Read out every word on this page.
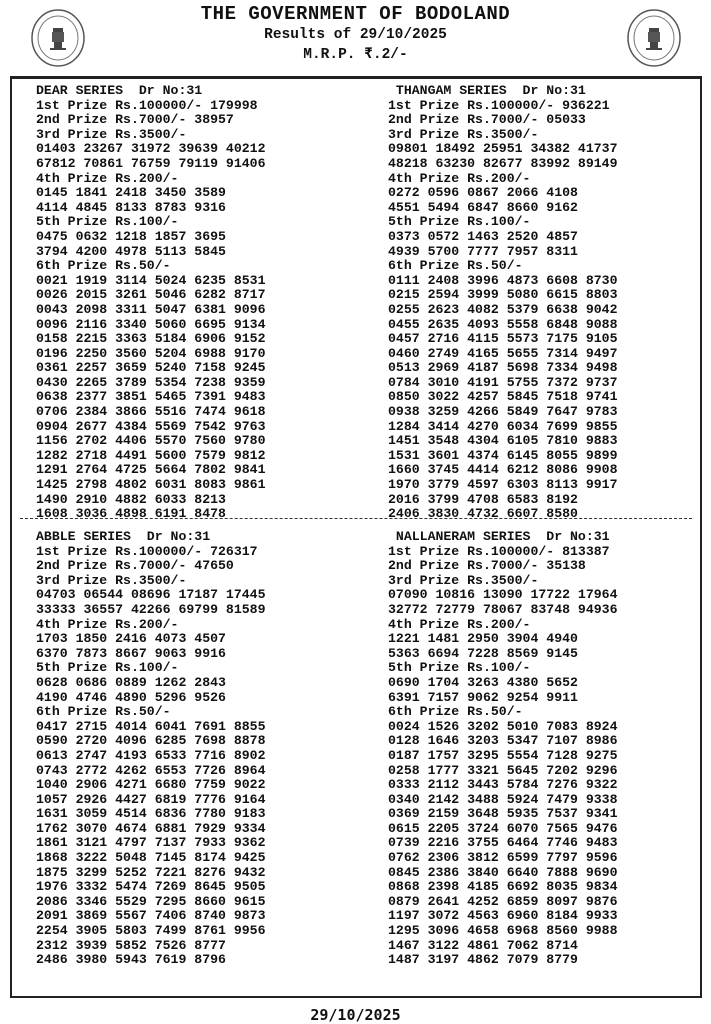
THE GOVERNMENT OF BODOLAND
Results of 29/10/2025
M.R.P. ₹.2/-
DEAR SERIES  Dr No:31
1st Prize Rs.100000/- 179998
2nd Prize Rs.7000/- 38957
3rd Prize Rs.3500/-
01403 23267 31972 39639 40212
67812 70861 76759 79119 91406
4th Prize Rs.200/-
0145 1841 2418 3450 3589
4114 4845 8133 8783 9316
5th Prize Rs.100/-
0475 0632 1218 1857 3695
3794 4200 4978 5113 5845
6th Prize Rs.50/-
0021 1919 3114 5024 6235 8531
0026 2015 3261 5046 6282 8717
0043 2098 3311 5047 6381 9096
0096 2116 3340 5060 6695 9134
0158 2215 3363 5184 6906 9152
0196 2250 3560 5204 6988 9170
0361 2257 3659 5240 7158 9245
0430 2265 3789 5354 7238 9359
0638 2377 3851 5465 7391 9483
0706 2384 3866 5516 7474 9618
0904 2677 4384 5569 7542 9763
1156 2702 4406 5570 7560 9780
1282 2718 4491 5600 7579 9812
1291 2764 4725 5664 7802 9841
1425 2798 4802 6031 8083 9861
1490 2910 4882 6033 8213
1608 3036 4898 6191 8478
THANGAM SERIES  Dr No:31
1st Prize Rs.100000/- 936221
2nd Prize Rs.7000/- 05033
3rd Prize Rs.3500/-
09801 18492 25951 34382 41737
48218 63230 82677 83992 89149
4th Prize Rs.200/-
0272 0596 0867 2066 4108
4551 5494 6847 8660 9162
5th Prize Rs.100/-
0373 0572 1463 2520 4857
4939 5700 7777 7957 8311
6th Prize Rs.50/-
0111 2408 3996 4873 6608 8730
0215 2594 3999 5080 6615 8803
0255 2623 4082 5379 6638 9042
0455 2635 4093 5558 6848 9088
0457 2716 4115 5573 7175 9105
0460 2749 4165 5655 7314 9497
0513 2969 4187 5698 7334 9498
0784 3010 4191 5755 7372 9737
0850 3022 4257 5845 7518 9741
0938 3259 4266 5849 7647 9783
1284 3414 4270 6034 7699 9855
1451 3548 4304 6105 7810 9883
1531 3601 4374 6145 8055 9899
1660 3745 4414 6212 8086 9908
1970 3779 4597 6303 8113 9917
2016 3799 4708 6583 8192
2406 3830 4732 6607 8580
ABBLE SERIES  Dr No:31
1st Prize Rs.100000/- 726317
2nd Prize Rs.7000/- 47650
3rd Prize Rs.3500/-
04703 06544 08696 17187 17445
33333 36557 42266 69799 81589
4th Prize Rs.200/-
1703 1850 2416 4073 4507
6370 7873 8667 9063 9916
5th Prize Rs.100/-
0628 0686 0889 1262 2843
4190 4746 4890 5296 9526
6th Prize Rs.50/-
0417 2715 4014 6041 7691 8855
0590 2720 4096 6285 7698 8878
0613 2747 4193 6533 7716 8902
0743 2772 4262 6553 7726 8964
1040 2906 4271 6680 7759 9022
1057 2926 4427 6819 7776 9164
1631 3059 4514 6836 7780 9183
1762 3070 4674 6881 7929 9334
1861 3121 4797 7137 7933 9362
1868 3222 5048 7145 8174 9425
1875 3299 5252 7221 8276 9432
1976 3332 5474 7269 8645 9505
2086 3346 5529 7295 8660 9615
2091 3869 5567 7406 8740 9873
2254 3905 5803 7499 8761 9956
2312 3939 5852 7526 8777
2486 3980 5943 7619 8796
NALLANERAM SERIES  Dr No:31
1st Prize Rs.100000/- 813387
2nd Prize Rs.7000/- 35138
3rd Prize Rs.3500/-
07090 10816 13090 17722 17964
32772 72779 78067 83748 94936
4th Prize Rs.200/-
1221 1481 2950 3904 4940
5363 6694 7228 8569 9145
5th Prize Rs.100/-
0690 1704 3263 4380 5652
6391 7157 9062 9254 9911
6th Prize Rs.50/-
0024 1526 3202 5010 7083 8924
0128 1646 3203 5347 7107 8986
0187 1757 3295 5554 7128 9275
0258 1777 3321 5645 7202 9296
0333 2112 3443 5784 7276 9322
0340 2142 3488 5924 7479 9338
0369 2159 3648 5935 7537 9341
0615 2205 3724 6070 7565 9476
0739 2216 3755 6464 7746 9483
0762 2306 3812 6599 7797 9596
0845 2386 3840 6640 7888 9690
0868 2398 4185 6692 8035 9834
0879 2641 4252 6859 8097 9876
1197 3072 4563 6960 8184 9933
1295 3096 4658 6968 8560 9988
1467 3122 4861 7062 8714
1487 3197 4862 7079 8779
29/10/2025
